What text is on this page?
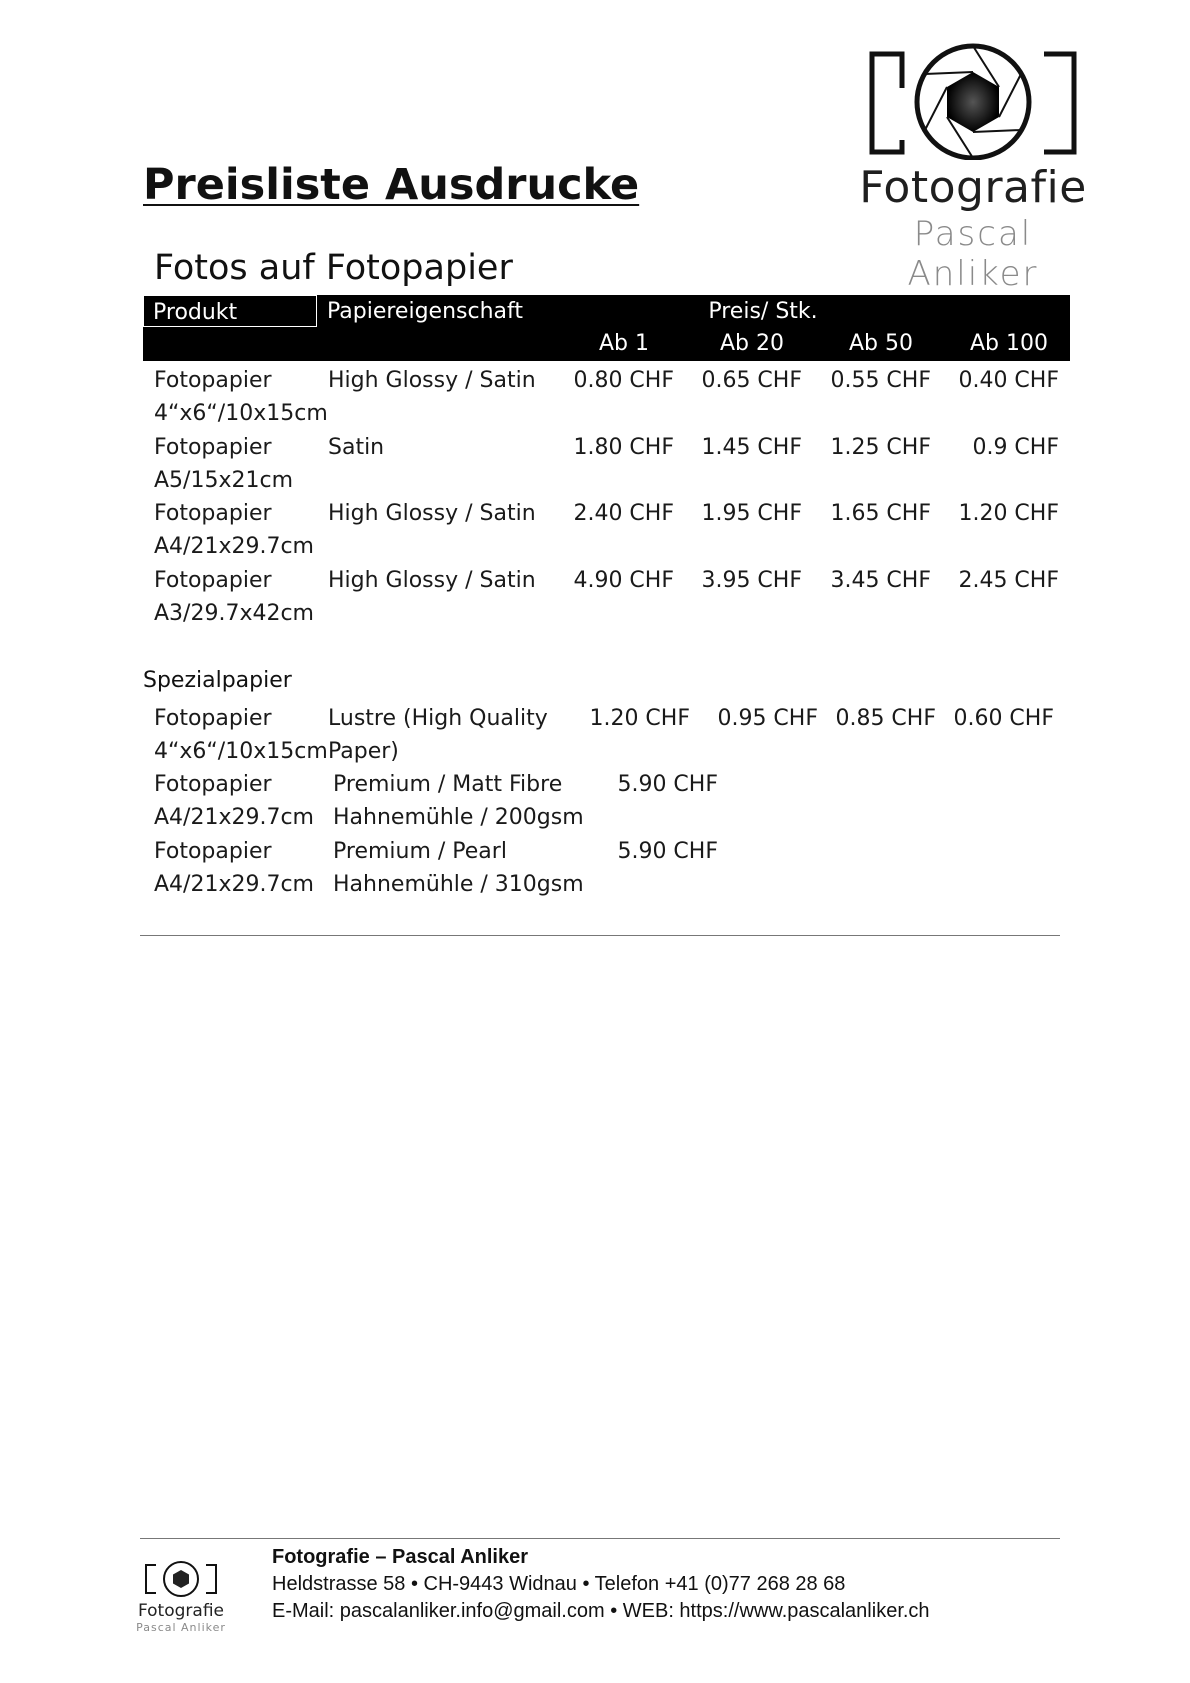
Fotografie
Pascal Anliker
Preisliste Ausdrucke
Fotos auf Fotopapier
Produkt	Papiereigenschaft	Preis/ Stk.
Ab 1	Ab 20	Ab 50	Ab 100
Fotopapier
4“x6“/10x15cm
High Glossy / Satin	0.80 CHF	0.65 CHF	0.55 CHF	0.40 CHF
Fotopapier
A5/15x21cm
Satin	1.80 CHF	1.45 CHF	1.25 CHF	0.9 CHF
Fotopapier
A4/21x29.7cm
High Glossy / Satin	2.40 CHF	1.95 CHF	1.65 CHF	1.20 CHF
Fotopapier
A3/29.7x42cm
High Glossy / Satin	4.90 CHF	3.95 CHF	3.45 CHF	2.45 CHF
Spezialpapier
Fotopapier
4“x6“/10x15cm
Lustre (High Quality
Paper)
1.20 CHF	0.95 CHF 0.85 CHF 0.60 CHF
Fotopapier
A4/21x29.7cm
Premium / Matt Fibre
Hahnemühle / 200gsm
5.90 CHF
Fotopapier
A4/21x29.7cm
Premium / Pearl
Hahnemühle / 310gsm
5.90 CHF
Fotografie
Pascal Anliker
Fotografie – Pascal Anliker
Heldstrasse 58 • CH-9443 Widnau • Telefon +41 (0)77 268 28 68
E-Mail: pascalanliker.info@gmail.com • WEB: https://www.pascalanliker.ch
